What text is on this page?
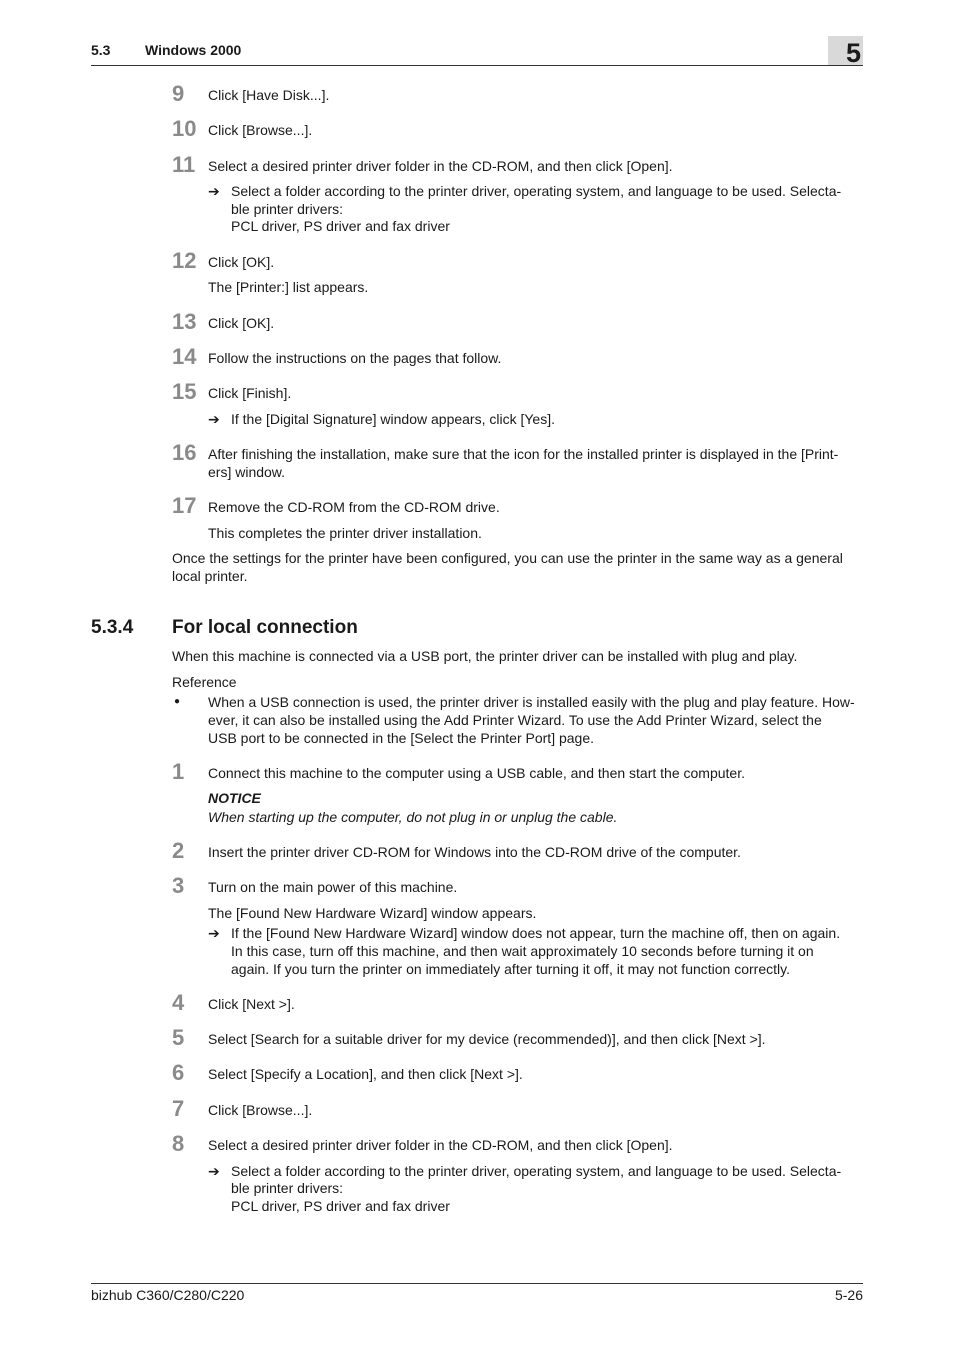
5.3 Windows 2000	5
9	Click [Have Disk...].
10 Click [Browse...].
11 Select a desired printer driver folder in the CD-ROM, and then click [Open].
➔ Select a folder according to the printer driver, operating system, and language to be used. Selecta-
ble printer drivers:
PCL driver, PS driver and fax driver
12 Click [OK].
The [Printer:] list appears.
13 Click [OK].
14 Follow the instructions on the pages that follow.
15 Click [Finish].
➔ If the [Digital Signature] window appears, click [Yes].
16 After finishing the installation, make sure that the icon for the installed printer is displayed in the [Print-
ers] window.
17 Remove the CD-ROM from the CD-ROM drive.
This completes the printer driver installation.
Once the settings for the printer have been configured, you can use the printer in the same way as a general
local printer.
5.3.4 For local connection
When this machine is connected via a USB port, the printer driver can be installed with plug and play.
Reference
● When a USB connection is used, the printer driver is installed easily with the plug and play feature. How-
ever, it can also be installed using the Add Printer Wizard. To use the Add Printer Wizard, select the
USB port to be connected in the [Select the Printer Port] page.
1	Connect this machine to the computer using a USB cable, and then start the computer.
NOTICE
When starting up the computer, do not plug in or unplug the cable.
2	Insert the printer driver CD-ROM for Windows into the CD-ROM drive of the computer.
3	Turn on the main power of this machine.
The [Found New Hardware Wizard] window appears.
➔ If the [Found New Hardware Wizard] window does not appear, turn the machine off, then on again.
In this case, turn off this machine, and then wait approximately 10 seconds before turning it on
again. If you turn the printer on immediately after turning it off, it may not function correctly.
4	Click [Next >].
5	Select [Search for a suitable driver for my device (recommended)], and then click [Next >].
6	Select [Specify a Location], and then click [Next >].
7	Click [Browse...].
8	Select a desired printer driver folder in the CD-ROM, and then click [Open].
➔ Select a folder according to the printer driver, operating system, and language to be used. Selecta-
ble printer drivers:
PCL driver, PS driver and fax driver
bizhub C360/C280/C220	5-26
